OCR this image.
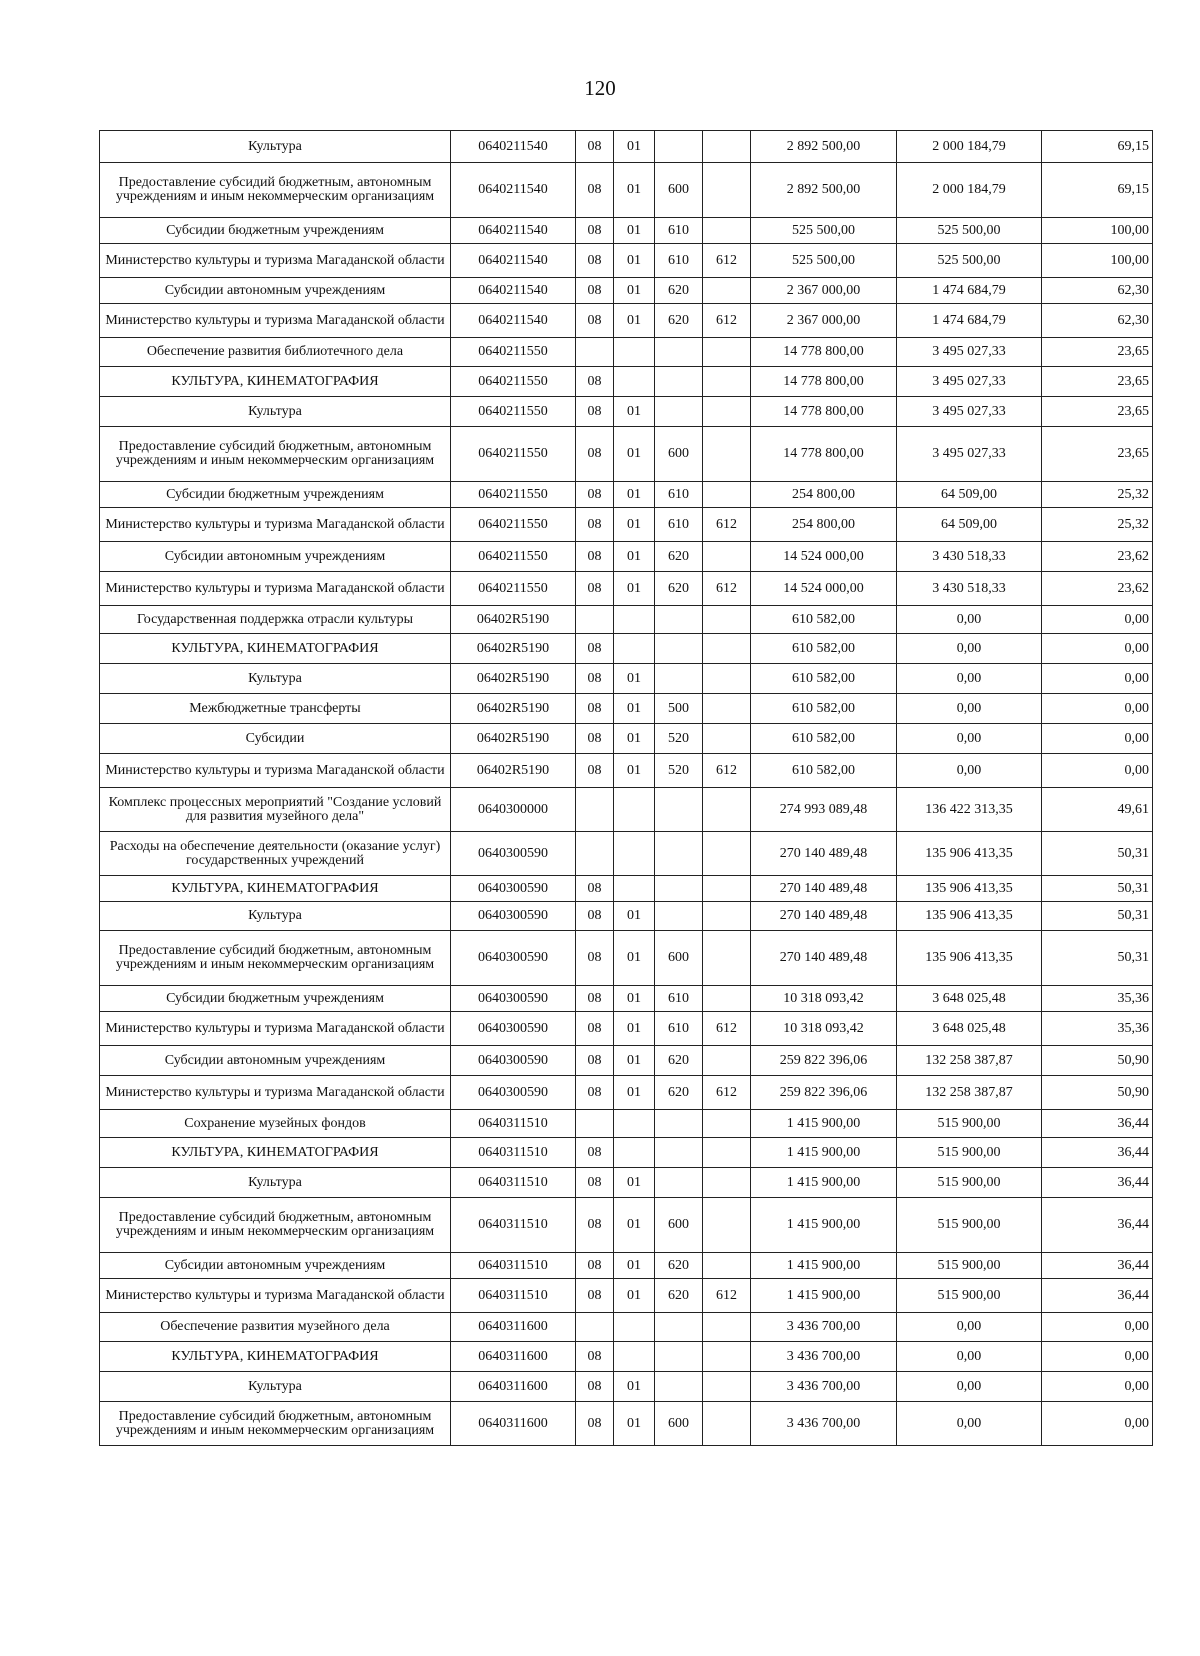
120
Культура	0640211540	08	01			2 892 500,00	2 000 184,79	69,15
Предоставление субсидий бюджетным, автономным учреждениям и иным некоммерческим организациям	0640211540	08	01	600		2 892 500,00	2 000 184,79	69,15
Субсидии бюджетным учреждениям	0640211540	08	01	610		525 500,00	525 500,00	100,00
Министерство культуры и туризма Магаданской области	0640211540	08	01	610	612	525 500,00	525 500,00	100,00
Субсидии автономным учреждениям	0640211540	08	01	620		2 367 000,00	1 474 684,79	62,30
Министерство культуры и туризма Магаданской области	0640211540	08	01	620	612	2 367 000,00	1 474 684,79	62,30
Обеспечение развития библиотечного дела	0640211550					14 778 800,00	3 495 027,33	23,65
КУЛЬТУРА, КИНЕМАТОГРАФИЯ	0640211550	08				14 778 800,00	3 495 027,33	23,65
Культура	0640211550	08	01			14 778 800,00	3 495 027,33	23,65
Предоставление субсидий бюджетным, автономным учреждениям и иным некоммерческим организациям	0640211550	08	01	600		14 778 800,00	3 495 027,33	23,65
Субсидии бюджетным учреждениям	0640211550	08	01	610		254 800,00	64 509,00	25,32
Министерство культуры и туризма Магаданской области	0640211550	08	01	610	612	254 800,00	64 509,00	25,32
Субсидии автономным учреждениям	0640211550	08	01	620		14 524 000,00	3 430 518,33	23,62
Министерство культуры и туризма Магаданской области	0640211550	08	01	620	612	14 524 000,00	3 430 518,33	23,62
Государственная поддержка отрасли культуры	06402R5190					610 582,00	0,00	0,00
КУЛЬТУРА, КИНЕМАТОГРАФИЯ	06402R5190	08				610 582,00	0,00	0,00
Культура	06402R5190	08	01			610 582,00	0,00	0,00
Межбюджетные трансферты	06402R5190	08	01	500		610 582,00	0,00	0,00
Субсидии	06402R5190	08	01	520		610 582,00	0,00	0,00
Министерство культуры и туризма Магаданской области	06402R5190	08	01	520	612	610 582,00	0,00	0,00
Комплекс процессных мероприятий "Создание условий для развития музейного дела"	0640300000					274 993 089,48	136 422 313,35	49,61
Расходы на обеспечение деятельности (оказание услуг) государственных учреждений	0640300590					270 140 489,48	135 906 413,35	50,31
КУЛЬТУРА, КИНЕМАТОГРАФИЯ	0640300590	08				270 140 489,48	135 906 413,35	50,31
Культура	0640300590	08	01			270 140 489,48	135 906 413,35	50,31
Предоставление субсидий бюджетным, автономным учреждениям и иным некоммерческим организациям	0640300590	08	01	600		270 140 489,48	135 906 413,35	50,31
Субсидии бюджетным учреждениям	0640300590	08	01	610		10 318 093,42	3 648 025,48	35,36
Министерство культуры и туризма Магаданской области	0640300590	08	01	610	612	10 318 093,42	3 648 025,48	35,36
Субсидии автономным учреждениям	0640300590	08	01	620		259 822 396,06	132 258 387,87	50,90
Министерство культуры и туризма Магаданской области	0640300590	08	01	620	612	259 822 396,06	132 258 387,87	50,90
Сохранение музейных фондов	0640311510					1 415 900,00	515 900,00	36,44
КУЛЬТУРА, КИНЕМАТОГРАФИЯ	0640311510	08				1 415 900,00	515 900,00	36,44
Культура	0640311510	08	01			1 415 900,00	515 900,00	36,44
Предоставление субсидий бюджетным, автономным учреждениям и иным некоммерческим организациям	0640311510	08	01	600		1 415 900,00	515 900,00	36,44
Субсидии автономным учреждениям	0640311510	08	01	620		1 415 900,00	515 900,00	36,44
Министерство культуры и туризма Магаданской области	0640311510	08	01	620	612	1 415 900,00	515 900,00	36,44
Обеспечение развития музейного дела	0640311600					3 436 700,00	0,00	0,00
КУЛЬТУРА, КИНЕМАТОГРАФИЯ	0640311600	08				3 436 700,00	0,00	0,00
Культура	0640311600	08	01			3 436 700,00	0,00	0,00
Предоставление субсидий бюджетным, автономным учреждениям и иным некоммерческим организациям	0640311600	08	01	600		3 436 700,00	0,00	0,00
